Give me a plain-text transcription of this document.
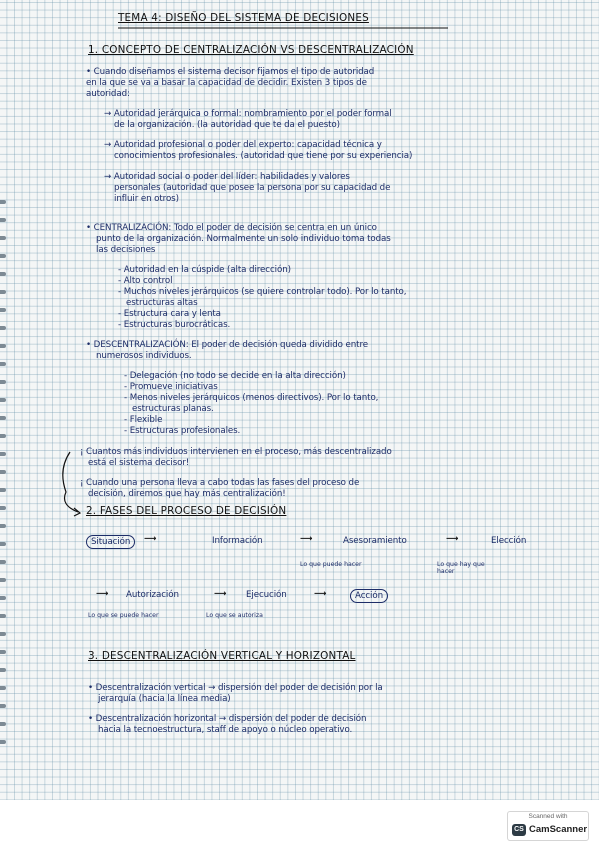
TEMA 4: DISEÑO DEL SISTEMA DE DECISIONES
1. CONCEPTO DE CENTRALIZACIÓN VS DESCENTRALIZACIÓN
• Cuando diseñamos el sistema decisor fijamos el tipo de autoridad
en la que se va a basar la capacidad de decidir. Existen 3 tipos de
autoridad:
→ Autoridad jerárquica o formal: nombramiento por el poder formal
de la organización. (la autoridad que te da el puesto)
→ Autoridad profesional o poder del experto: capacidad técnica y
conocimientos profesionales. (autoridad que tiene por su experiencia)
→ Autoridad social o poder del líder: habilidades y valores
personales (autoridad que posee la persona por su capacidad de
influir en otros)
• CENTRALIZACIÓN: Todo el poder de decisión se centra en un único
punto de la organización. Normalmente un solo individuo toma todas
las decisiones
- Autoridad en la cúspide (alta dirección)
- Alto control
- Muchos niveles jerárquicos (se quiere controlar todo). Por lo tanto,
estructuras altas
- Estructura cara y lenta
- Estructuras burocráticas.
• DESCENTRALIZACIÓN: El poder de decisión queda dividido entre
numerosos individuos.
- Delegación (no todo se decide en la alta dirección)
- Promueve iniciativas
- Menos niveles jerárquicos (menos directivos). Por lo tanto,
estructuras planas.
- Flexible
- Estructuras profesionales.
¡ Cuantos más individuos intervienen en el proceso, más descentralizado
está el sistema decisor!
¡ Cuando una persona lleva a cabo todas las fases del proceso de
decisión, diremos que hay más centralización!
2. FASES DEL PROCESO DE DECISIÓN
Situación	⟶	Información	⟶	Asesoramiento	⟶	Elección
Lo que puede hacer	Lo que hay que hacer
⟶ Autorización	⟶ Ejecución	⟶	Acción
Lo que se puede hacer	Lo que se autoriza
3. DESCENTRALIZACIÓN VERTICAL Y HORIZONTAL
• Descentralización vertical → dispersión del poder de decisión por la
jerarquía (hacia la línea media)
• Descentralización horizontal → dispersión del poder de decisión
hacia la tecnoestructura, staff de apoyo o núcleo operativo.
Scanned with
CS CamScanner
